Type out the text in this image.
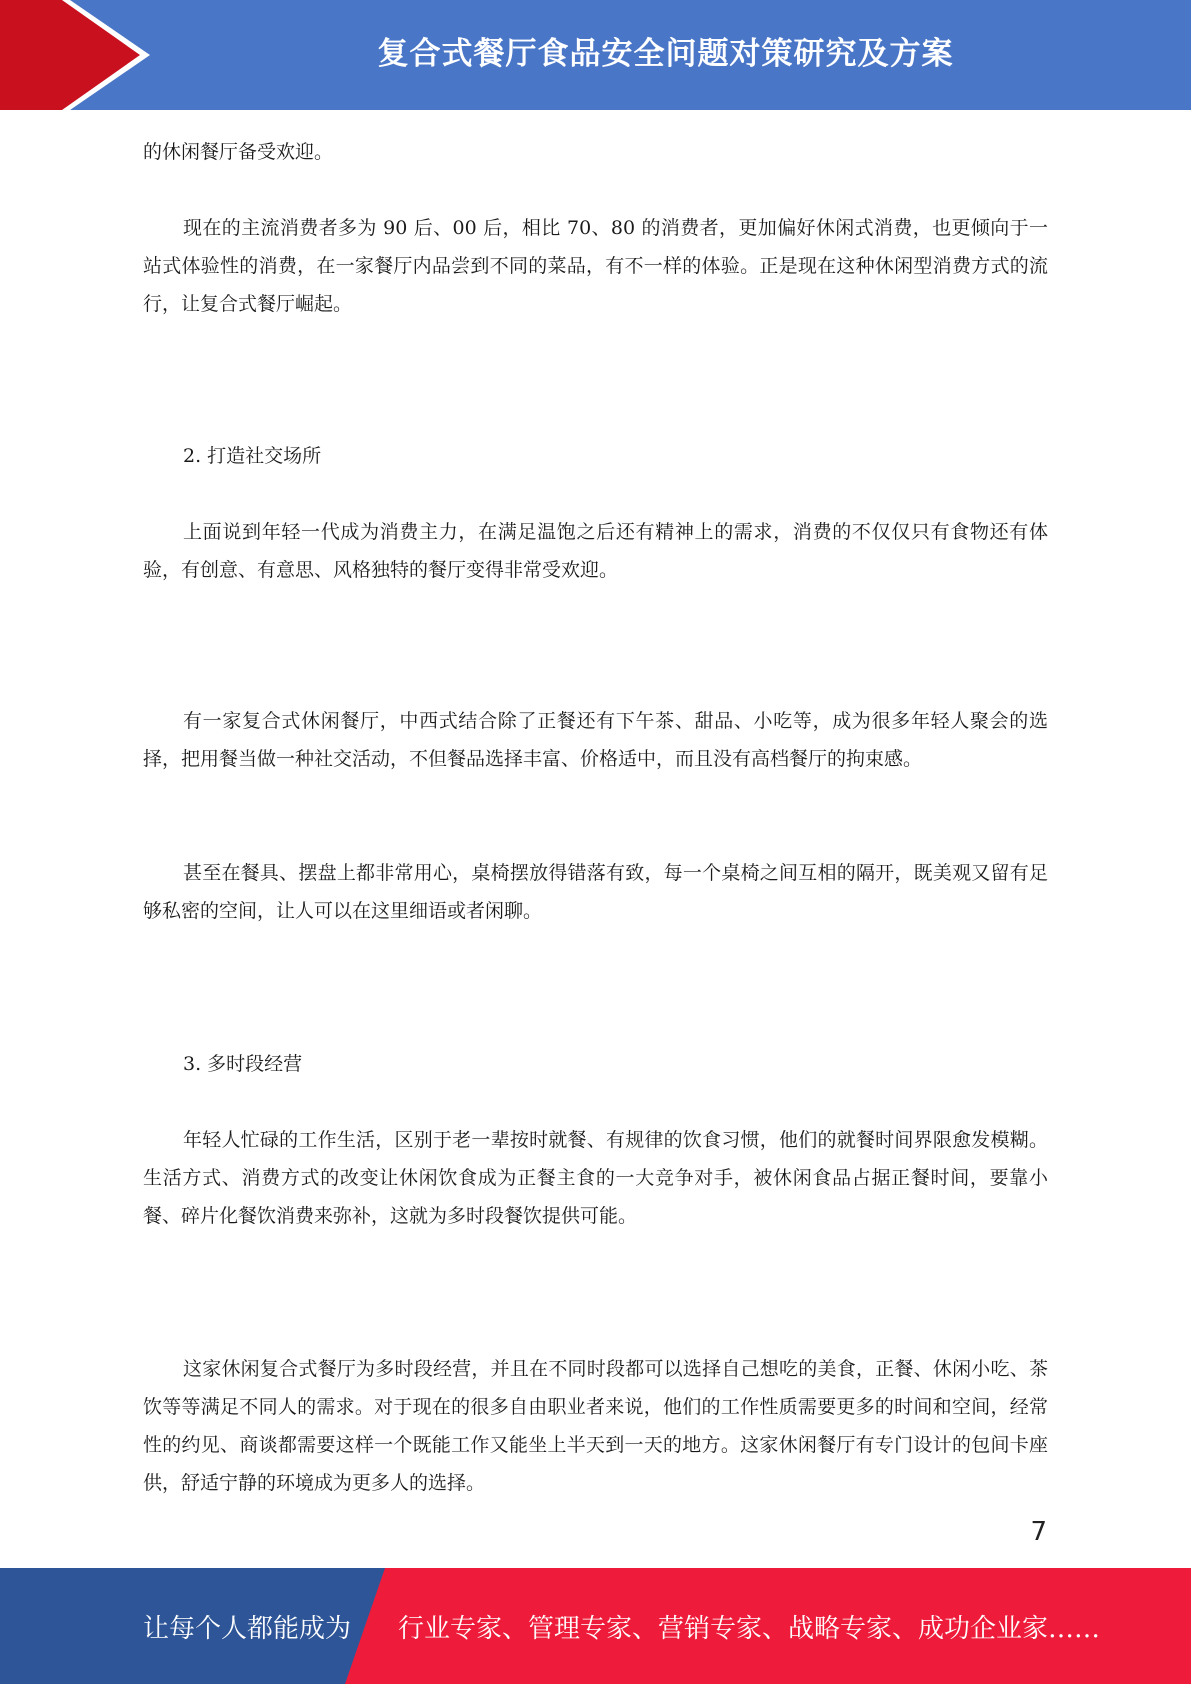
复合式餐厅食品安全问题对策研究及方案

的休闲餐厅备受欢迎。

现在的主流消费者多为 90 后、00 后，相比 70、80 的消费者，更加偏好休闲式消费，也更倾向于一站式体验性的消费，在一家餐厅内品尝到不同的菜品，有不一样的体验。正是现在这种休闲型消费方式的流行，让复合式餐厅崛起。

2. 打造社交场所

上面说到年轻一代成为消费主力，在满足温饱之后还有精神上的需求，消费的不仅仅只有食物还有体验，有创意、有意思、风格独特的餐厅变得非常受欢迎。

有一家复合式休闲餐厅，中西式结合除了正餐还有下午茶、甜品、小吃等，成为很多年轻人聚会的选择，把用餐当做一种社交活动，不但餐品选择丰富、价格适中，而且没有高档餐厅的拘束感。

甚至在餐具、摆盘上都非常用心，桌椅摆放得错落有致，每一个桌椅之间互相的隔开，既美观又留有足够私密的空间，让人可以在这里细语或者闲聊。

3. 多时段经营

年轻人忙碌的工作生活，区别于老一辈按时就餐、有规律的饮食习惯，他们的就餐时间界限愈发模糊。生活方式、消费方式的改变让休闲饮食成为正餐主食的一大竞争对手，被休闲食品占据正餐时间，要靠小餐、碎片化餐饮消费来弥补，这就为多时段餐饮提供可能。

这家休闲复合式餐厅为多时段经营，并且在不同时段都可以选择自己想吃的美食，正餐、休闲小吃、茶饮等等满足不同人的需求。对于现在的很多自由职业者来说，他们的工作性质需要更多的时间和空间，经常性的约见、商谈都需要这样一个既能工作又能坐上半天到一天的地方。这家休闲餐厅有专门设计的包间卡座供，舒适宁静的环境成为更多人的选择。

7
让每个人都能成为 行业专家、管理专家、营销专家、战略专家、成功企业家……
